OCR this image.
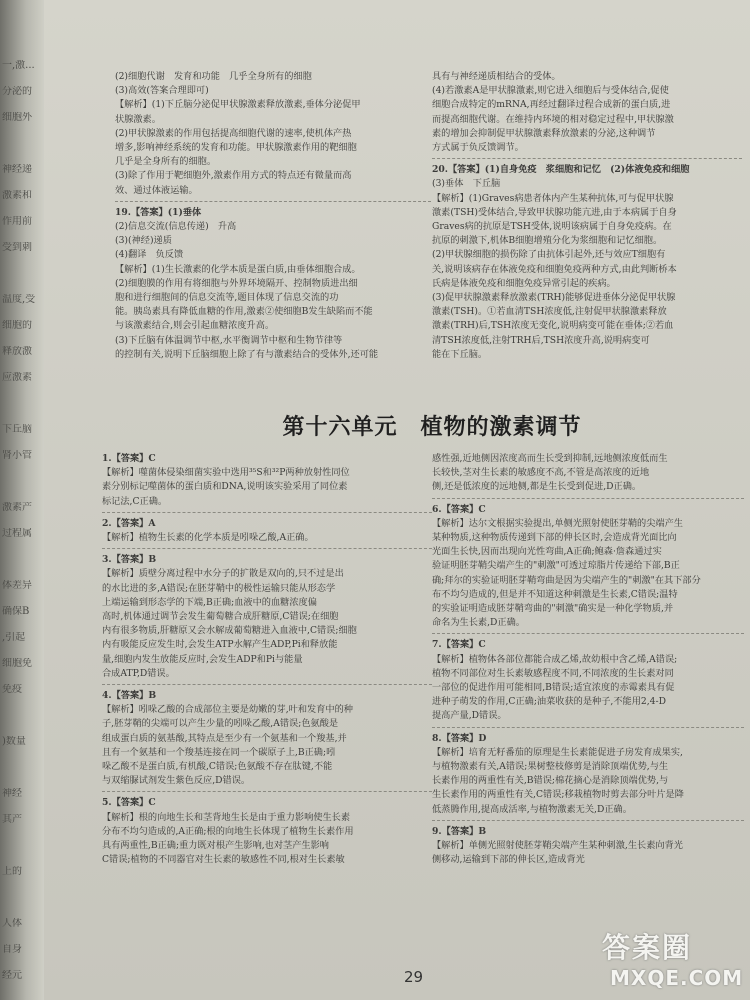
一,激...
分泌的
细胞外
神经递
激素和
作用前
受到刺
温度,受
细胞的
释放激
应激素
下丘脑
肾小管
激素产
过程属
体差异
确保B
,引起
细胞免
免疫
)数量
神经
其产
上的
人体
自身
经元

(2)细胞代谢　发育和功能　几乎全身所有的细胞

(3)高效(答案合理即可)

【解析】(1)下丘脑分泌促甲状腺激素释放激素,垂体分泌促甲

状腺激素。

(2)甲状腺激素的作用包括提高细胞代谢的速率,使机体产热

增多,影响神经系统的发育和功能。甲状腺激素作用的靶细胞

几乎是全身所有的细胞。

(3)除了作用于靶细胞外,激素作用方式的特点还有微量而高

效、通过体液运输。

19.【答案】(1)垂体

(2)信息交流(信息传递)　升高

(3)(神经)递质

(4)翻译　负反馈

【解析】(1)生长激素的化学本质是蛋白质,由垂体细胞合成。

(2)细胞膜的作用有将细胞与外界环境隔开、控制物质进出细

胞和进行细胞间的信息交流等,题目体现了信息交流的功

能。胰岛素具有降低血糖的作用,激素②使细胞B发生缺陷而不能

与该激素结合,则会引起血糖浓度升高。

(3)下丘脑有体温调节中枢,水平衡调节中枢和生物节律等

的控制有关,说明下丘脑细胞上除了有与激素结合的受体外,还可能

具有与神经递质相结合的受体。

(4)若激素A是甲状腺激素,则它进入细胞后与受体结合,促使

细胞合成特定的mRNA,再经过翻译过程合成新的蛋白质,进

而提高细胞代谢。在维持内环境的相对稳定过程中,甲状腺激

素的增加会抑制促甲状腺激素释放激素的分泌,这种调节

方式属于负反馈调节。

20.【答案】(1)自身免疫　浆细胞和记忆　(2)体液免疫和细胞

(3)垂体　下丘脑

【解析】(1)Graves病患者体内产生某种抗体,可与促甲状腺

激素(TSH)受体结合,导致甲状腺功能亢进,由于本病属于自身

Graves病的抗原是TSH受体,说明该病属于自身免疫病。在

抗原的刺激下,机体B细胞增殖分化为浆细胞和记忆细胞。

(2)甲状腺细胞的损伤除了由抗体引起外,还与效应T细胞有

关,说明该病存在体液免疫和细胞免疫两种方式,由此判断桥本

氏病是体液免疫和细胞免疫异常引起的疾病。

(3)促甲状腺激素释放激素(TRH)能够促进垂体分泌促甲状腺

激素(TSH)。①若血清TSH浓度低,注射促甲状腺激素释放

激素(TRH)后,TSH浓度无变化,说明病变可能在垂体;②若血

清TSH浓度低,注射TRH后,TSH浓度升高,说明病变可

能在下丘脑。

第十六单元　植物的激素调节

1.【答案】C

【解析】噬菌体侵染细菌实验中选用³⁵S和³²P两种放射性同位

素分别标记噬菌体的蛋白质和DNA,说明该实验采用了同位素

标记法,C正确。

2.【答案】A

【解析】植物生长素的化学本质是吲哚乙酸,A正确。

3.【答案】B

【解析】质壁分离过程中水分子的扩散是双向的,只不过是出

的水比进的多,A错误;在胚芽鞘中的极性运输只能从形态学

上端运输到形态学的下端,B正确;血液中的血糖浓度偏

高时,机体通过调节会发生葡萄糖合成肝糖原,C错误;在细胞

内有很多物质,肝糖原又会水解成葡萄糖进入血液中,C错误;细胞

内有吸能反应发生时,会发生ATP水解产生ADP,Pi和释放能

量,细胞内发生放能反应时,会发生ADP和Pi与能量

合成ATP,D错误。

4.【答案】B

【解析】吲哚乙酸的合成部位主要是幼嫩的芽,叶和发育中的种

子,胚芽鞘的尖端可以产生少量的吲哚乙酸,A错误;色氨酸是

组成蛋白质的氨基酸,其特点是至少有一个氨基和一个羧基,并

且有一个氨基和一个羧基连接在同一个碳原子上,B正确;吲

哚乙酸不是蛋白质,有机酸,C错误;色氨酸不存在肽键,不能

与双缩脲试剂发生紫色反应,D错误。

5.【答案】C

【解析】根的向地生长和茎背地生长是由于重力影响使生长素

分布不均匀造成的,A正确;根的向地生长体现了植物生长素作用

具有两重性,B正确;重力既对根产生影响,也对茎产生影响

C错误;植物的不同器官对生长素的敏感性不同,根对生长素敏

感性强,近地侧因浓度高而生长受到抑制,远地侧浓度低而生

长较快,茎对生长素的敏感度不高,不管是高浓度的近地

侧,还是低浓度的远地侧,都是生长受到促进,D正确。

6.【答案】C

【解析】达尔文根据实验提出,单侧光照射使胚芽鞘的尖端产生

某种物质,这种物质传递到下部的伸长区时,会造成背光面比向

光面生长快,因而出现向光性弯曲,A正确;鲍森·詹森通过实

验证明胚芽鞘尖端产生的"刺激"可透过琼脂片传递给下部,B正

确;拜尔的实验证明胚芽鞘弯曲是因为尖端产生的"刺激"在其下部分

布不均匀造成的,但是并不知道这种刺激是生长素,C错误;温特

的实验证明造成胚芽鞘弯曲的"刺激"确实是一种化学物质,并

命名为生长素,D正确。

7.【答案】C

【解析】植物体各部位都能合成乙烯,故幼根中含乙烯,A错误;

植物不同部位对生长素敏感程度不同,不同浓度的生长素对同

一部位的促进作用可能相同,B错误;适宜浓度的赤霉素具有促

进种子萌发的作用,C正确;油菜收获的是种子,不能用2,4-D

提高产量,D错误。

8.【答案】D

【解析】培育无籽番茄的原理是生长素能促进子房发育成果实,

与植物激素有关,A错误;果树整枝修剪是消除顶端优势,与生

长素作用的两重性有关,B错误;棉花摘心是消除顶端优势,与

生长素作用的两重性有关,C错误;移栽植物时剪去部分叶片是降

低蒸腾作用,提高成活率,与植物激素无关,D正确。

9.【答案】B

【解析】单侧光照射使胚芽鞘尖端产生某种刺激,生长素向背光

侧移动,运输到下部的伸长区,造成背光

29
答案圈
MXQE.COM
